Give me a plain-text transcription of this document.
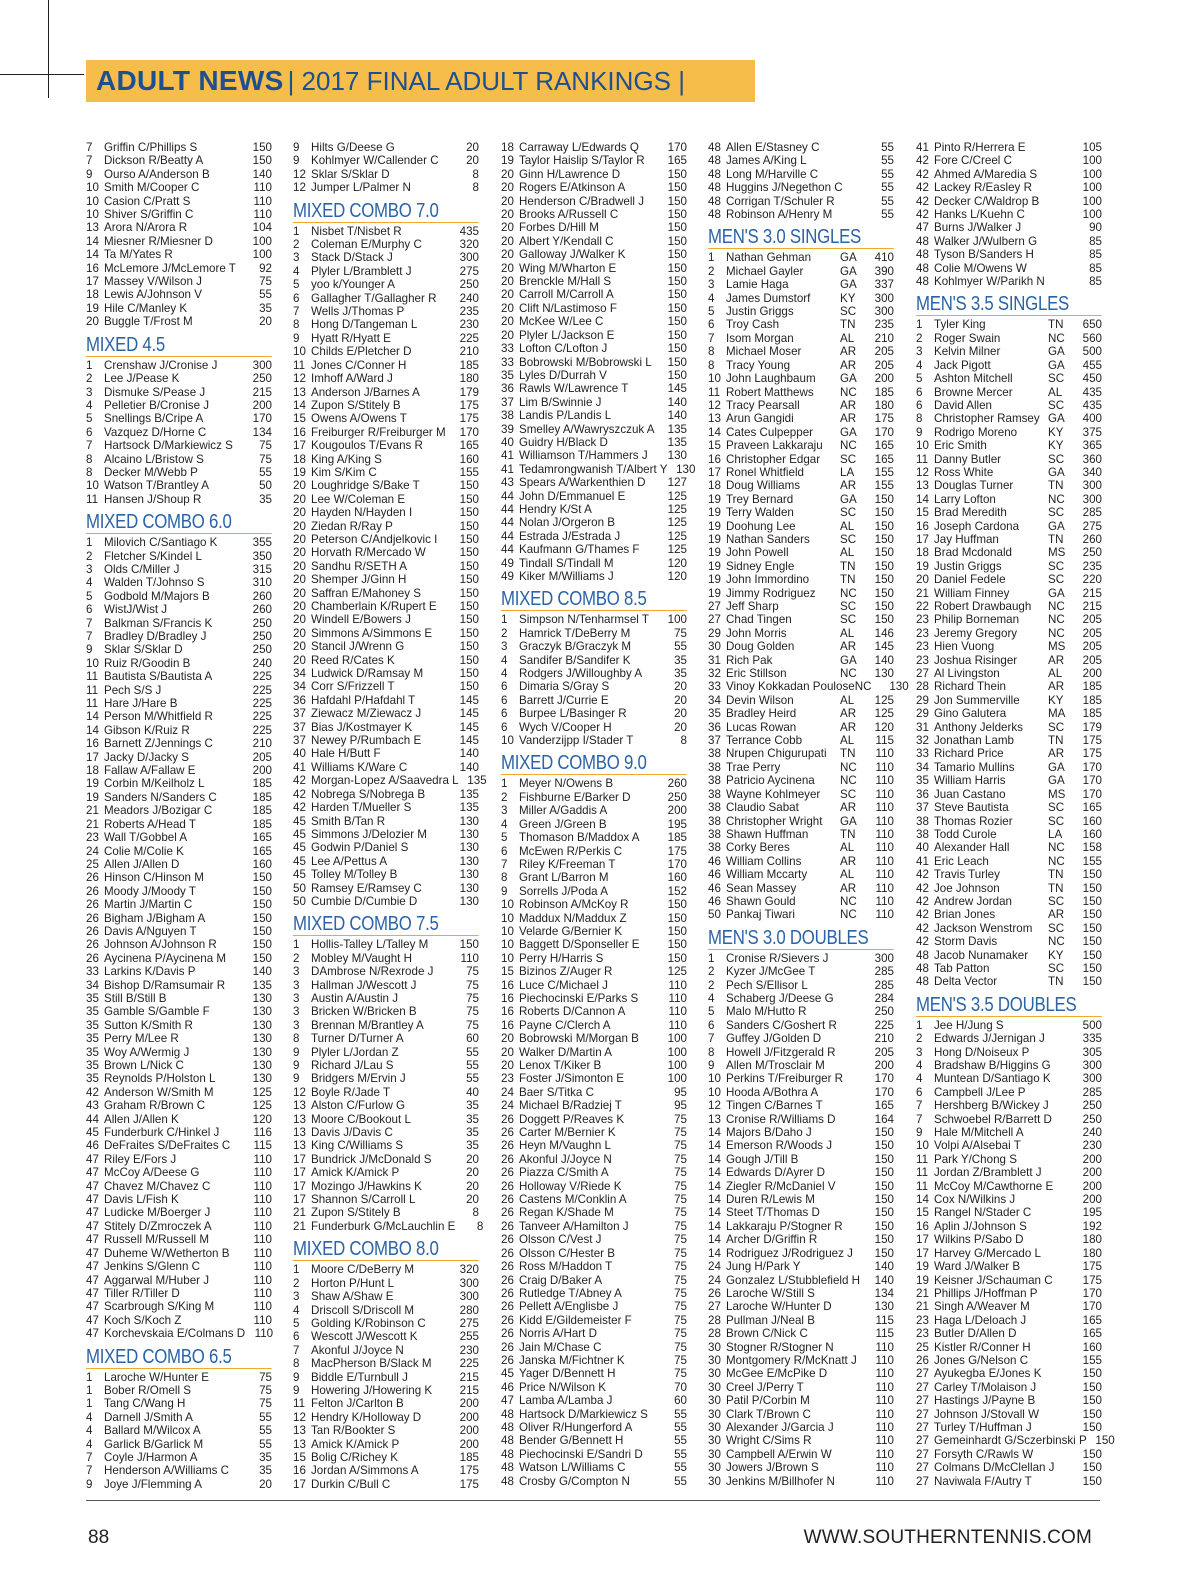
ADULT NEWS | 2017 FINAL ADULT RANKINGS |
7 Griffin C/Phillips S	150
7 Dickson R/Beatty A	150
9 Ourso A/Anderson B	140
10 Smith M/Cooper C	110
10 Casion C/Pratt S	110
10 Shiver S/Griffin C	110
13 Arora N/Arora R	104
14 Miesner R/Miesner D	100
14 Ta M/Yates R	100
16 McLemore J/McLemore T	92
17 Massey V/Wilson J	75
18 Lewis A/Johnson V	55
19 Hile C/Manley K	35
20 Buggle T/Frost M	20
MIXED 4.5
1 Crenshaw J/Cronise J	300
2 Lee J/Pease K	250
3 Dismuke S/Pease J	215
4 Pelletier B/Cronise J	200
5 Snellings B/Cripe A	170
6 Vazquez D/Horne C	134
7 Hartsock D/Markiewicz S	75
8 Alcaino L/Bristow S	75
8 Decker M/Webb P	55
10 Watson T/Brantley A	50
11 Hansen J/Shoup R	35
MIXED COMBO 6.0
1 Milovich C/Santiago K	355
2 Fletcher S/Kindel L	350
3 Olds C/Miller J	315
4 Walden T/Johnso S	310
5 Godbold M/Majors B	260
6 WistJ/Wist J	260
7 Balkman S/Francis K	250
7 Bradley D/Bradley J	250
9 Sklar S/Sklar D	250
10 Ruiz R/Goodin B	240
11 Bautista S/Bautista A	225
11 Pech S/S J	225
11 Hare J/Hare B	225
14 Person M/Whitfield R	225
14 Gibson K/Ruiz R	225
16 Barnett Z/Jennings C	210
17 Jacky D/Jacky S	205
18 Fallaw A/Fallaw E	200
19 Corbin M/Keilholz L	185
19 Sanders N/Sanders C	185
21 Meadors J/Bozigar C	185
21 Roberts A/Head T	185
23 Wall T/Gobbel A	165
24 Colie M/Colie K	165
25 Allen J/Allen D	160
26 Hinson C/Hinson M	150
26 Moody J/Moody T	150
26 Martin J/Martin C	150
26 Bigham J/Bigham A	150
26 Davis A/Nguyen T	150
26 Johnson A/Johnson R	150
26 Aycinena P/Aycinena M	150
33 Larkins K/Davis P	140
34 Bishop D/Ramsumair R	135
35 Still B/Still B	130
35 Gamble S/Gamble F	130
35 Sutton K/Smith R	130
35 Perry M/Lee R	130
35 Woy A/Wermig J	130
35 Brown L/Nick C	130
35 Reynolds P/Holston L	130
42 Anderson W/Smith M	125
43 Graham R/Brown C	125
44 Allen J/Allen K	120
45 Funderburk C/Hinkel J	116
46 DeFraites S/DeFraites C	115
47 Riley E/Fors J	110
47 McCoy A/Deese G	110
47 Chavez M/Chavez C	110
47 Davis L/Fish K	110
47 Ludicke M/Boerger J	110
47 Stitely D/Zmroczek A	110
47 Russell M/Russell M	110
47 Duheme W/Wetherton B	110
47 Jenkins S/Glenn C	110
47 Aggarwal M/Huber J	110
47 Tiller R/Tiller D	110
47 Scarbrough S/King M	110
47 Koch S/Koch Z	110
47 Korchevskaia E/Colmans D 110
MIXED COMBO 6.5
1 Laroche W/Hunter E	75
1 Bober R/Omell S	75
1 Tang C/Wang H	75
4 Darnell J/Smith A	55
4 Ballard M/Wilcox A	55
4 Garlick B/Garlick M	55
7 Coyle J/Harmon A	35
7 Henderson A/Williams C	35
9 Joye J/Flemming A	20
9 Hilts G/Deese G	20
9 Kohlmyer W/Callender C	20
12 Sklar S/Sklar D	8
12 Jumper L/Palmer N	8
MIXED COMBO 7.0
1 Nisbet T/Nisbet R	435
2 Coleman E/Murphy C	320
3 Stack D/Stack J	300
4 Plyler L/Bramblett J	275
5 yoo k/Younger A	250
6 Gallagher T/Gallagher R	240
7 Wells J/Thomas P	235
8 Hong D/Tangeman L	230
9 Hyatt R/Hyatt E	225
10 Childs E/Pletcher D	210
11 Jones C/Conner H	185
12 Imhoff A/Ward J	180
13 Anderson J/Barnes A	179
14 Zupon S/Stitely B	175
15 Owens A/Owens T	175
16 Freiburger R/Freiburger M	170
17 Kougoulos T/Evans R	165
18 King A/King S	160
19 Kim S/Kim C	155
20 Loughridge S/Bake T	150
20 Lee W/Coleman E	150
20 Hayden N/Hayden I	150
20 Ziedan R/Ray P	150
20 Peterson C/Andjelkovic I	150
20 Horvath R/Mercado W	150
20 Sandhu R/SETH A	150
20 Shemper J/Ginn H	150
20 Saffran E/Mahoney S	150
20 Chamberlain K/Rupert E	150
20 Windell E/Bowers J	150
20 Simmons A/Simmons E	150
20 Stancil J/Wrenn G	150
20 Reed R/Cates K	150
34 Ludwick D/Ramsay M	150
34 Corr S/Frizzell T	150
36 Hafdahl P/Hafdahl T	145
37 Ziewacz M/Ziewacz J	145
37 Bias J/Kostmayer K	145
37 Newey P/Rumbach E	145
40 Hale H/Butt F	140
41 Williams K/Ware C	140
42 Morgan-Lopez A/Saavedra L 135
42 Nobrega S/Nobrega B	135
42 Harden T/Mueller S	135
45 Smith B/Tan R	130
45 Simmons J/Delozier M	130
45 Godwin P/Daniel S	130
45 Lee A/Pettus A	130
45 Tolley M/Tolley B	130
50 Ramsey E/Ramsey C	130
50 Cumbie D/Cumbie D	130
MIXED COMBO 7.5
1 Hollis-Talley L/Talley M	150
2 Mobley M/Vaught H	110
3 DAmbrose N/Rexrode J	75
3 Hallman J/Wescott J	75
3 Austin A/Austin J	75
3 Bricken W/Bricken B	75
3 Brennan M/Brantley A	75
8 Turner D/Turner A	60
9 Plyler L/Jordan Z	55
9 Richard J/Lau S	55
9 Bridgers M/Ervin J	55
12 Boyle R/Jade T	40
13 Alston C/Furlow G	35
13 Moore C/Bookout L	35
13 Davis J/Davis C	35
13 King C/Williams S	35
17 Bundrick J/McDonald S	20
17 Amick K/Amick P	20
17 Mozingo J/Hawkins K	20
17 Shannon S/Carroll L	20
21 Zupon S/Stitely B	8
21 Funderburk G/McLauchlin E	8
MIXED COMBO 8.0
1 Moore C/DeBerry M	320
2 Horton P/Hunt L	300
3 Shaw A/Shaw E	300
4 Driscoll S/Driscoll M	280
5 Golding K/Robinson C	275
6 Wescott J/Wescott K	255
7 Akonful J/Joyce N	230
8 MacPherson B/Slack M	225
9 Biddle E/Turnbull J	215
9 Howering J/Howering K	215
11 Felton J/Carlton B	200
12 Hendry K/Holloway D	200
13 Tan R/Bookter S	200
13 Amick K/Amick P	200
15 Bolig C/Richey K	185
16 Jordan A/Simmons A	175
17 Durkin C/Bull C	175
18 Carraway L/Edwards Q	170
19 Taylor Haislip S/Taylor R	165
20 Ginn H/Lawrence D	150
20 Rogers E/Atkinson A	150
20 Henderson C/Bradwell J	150
20 Brooks A/Russell C	150
20 Forbes D/Hill M	150
20 Albert Y/Kendall C	150
20 Galloway J/Walker K	150
20 Wing M/Wharton E	150
20 Brenckle M/Hall S	150
20 Carroll M/Carroll A	150
20 Clift N/Lastimoso F	150
20 McKee W/Lee C	150
20 Plyler L/Jackson E	150
33 Lofton C/Lofton J	150
33 Bobrowski M/Bobrowski L	150
35 Lyles D/Durrah V	150
36 Rawls W/Lawrence T	145
37 Lim B/Swinnie J	140
38 Landis P/Landis L	140
39 Smelley A/Wawryszczuk A	135
40 Guidry H/Black D	135
41 Williamson T/Hammers J	130
41 Tedamrongwanish T/Albert Y 130
43 Spears A/Warkenthien D	127
44 John D/Emmanuel E	125
44 Hendry K/St A	125
44 Nolan J/Orgeron B	125
44 Estrada J/Estrada J	125
44 Kaufmann G/Thames F	125
49 Tindall S/Tindall M	120
49 Kiker M/Williams J	120
MIXED COMBO 8.5
1 Simpson N/Tenharmsel T	100
2 Hamrick T/DeBerry M	75
3 Graczyk B/Graczyk M	55
4 Sandifer B/Sandifer K	35
4 Rodgers J/Willoughby A	35
6 Dimaria S/Gray S	20
6 Barrett J/Currie E	20
6 Burpee L/Basinger R	20
6 Wych V/Cooper H	20
10 Vanderzijpp I/Stader T	8
MIXED COMBO 9.0
1 Meyer N/Owens B	260
2 Fishburne E/Barker D	250
3 Miller A/Gaddis A	200
4 Green J/Green B	195
5 Thomason B/Maddox A	185
6 McEwen R/Perkis C	175
7 Riley K/Freeman T	170
8 Grant L/Barron M	160
9 Sorrells J/Poda A	152
10 Robinson A/McKoy R	150
10 Maddux N/Maddux Z	150
10 Velarde G/Bernier K	150
10 Baggett D/Sponseller E	150
10 Perry H/Harris S	150
15 Bizinos Z/Auger R	125
16 Luce C/Michael J	110
16 Piechocinski E/Parks S	110
16 Roberts D/Cannon A	110
16 Payne C/Clerch A	110
20 Bobrowski M/Morgan B	100
20 Walker D/Martin A	100
20 Lenox T/Kiker B	100
23 Foster J/Simonton E	100
24 Baer S/Titka C	95
24 Michael B/Radziej T	95
26 Doggett P/Reaves K	75
26 Carter M/Bernier K	75
26 Heyn M/Vaughn L	75
26 Akonful J/Joyce N	75
26 Piazza C/Smith A	75
26 Holloway V/Riede K	75
26 Castens M/Conklin A	75
26 Regan K/Shade M	75
26 Tanveer A/Hamilton J	75
26 Olsson C/Vest J	75
26 Olsson C/Hester B	75
26 Ross M/Haddon T	75
26 Craig D/Baker A	75
26 Rutledge T/Abney A	75
26 Pellett A/Englisbe J	75
26 Kidd E/Gildemeister F	75
26 Norris A/Hart D	75
26 Jain M/Chase C	75
26 Janska M/Fichtner K	75
45 Yager D/Bennett H	75
46 Price N/Wilson K	70
47 Lamba A/Lamba J	60
48 Hartsock D/Markiewicz S	55
48 Oliver R/Hungerford A	55
48 Bender G/Bennett H	55
48 Piechocinski E/Sandri D	55
48 Watson L/Williams C	55
48 Crosby G/Compton N	55
48 Allen E/Stasney C	55
48 James A/King L	55
48 Long M/Harville C	55
48 Huggins J/Negethon C	55
48 Corrigan T/Schuler R	55
48 Robinson A/Henry M	55
MEN'S 3.0 SINGLES
1 Nathan Gehman	GA	410
2 Michael Gayler	GA	390
3 Lamie Haga	GA	337
4 James Dumstorf	KY	300
5 Justin Griggs	SC	300
6 Troy Cash	TN	235
7 Isom Morgan	AL	210
8 Michael Moser	AR	205
8 Tracy Young	AR	205
10 John Laughbaum	GA	200
11 Robert Matthews	NC	185
12 Tracy Pearsall	AR	180
13 Arun Gangidi	AR	175
14 Cates Culpepper	GA	170
15 Praveen Lakkaraju	NC	165
16 Christopher Edgar	SC	165
17 Ronel Whitfield	LA	155
18 Doug Williams	AR	155
19 Trey Bernard	GA	150
19 Terry Walden	SC	150
19 Doohung Lee	AL	150
19 Nathan Sanders	SC	150
19 John Powell	AL	150
19 Sidney Engle	TN	150
19 John Immordino	TN	150
19 Jimmy Rodriguez	NC	150
27 Jeff Sharp	SC	150
27 Chad Tingen	SC	150
29 John Morris	AL	146
30 Doug Golden	AR	145
31 Rich Pak	GA	140
32 Eric Stillson	NC	130
33 Vinoy Kokkadan Poulose NC	130
34 Devin Wilson	AL	125
35 Bradley Heird	AR	125
36 Lucas Rowan	AR	120
37 Terrance Cobb	AL	115
38 Nrupen Chigurupati	TN	110
38 Trae Perry	NC	110
38 Patricio Aycinena	NC	110
38 Wayne Kohlmeyer	SC	110
38 Claudio Sabat	AR	110
38 Christopher Wright	GA	110
38 Shawn Huffman	TN	110
38 Corky Beres	AL	110
46 William Collins	AR	110
46 William Mccarty	AL	110
46 Sean Massey	AR	110
46 Shawn Gould	NC	110
50 Pankaj Tiwari	NC	110
MEN'S 3.0 DOUBLES
1 Cronise R/Sievers J	300
2 Kyzer J/McGee T	285
2 Pech S/Ellisor L	285
4 Schaberg J/Deese G	284
5 Malo M/Hutto R	250
6 Sanders C/Goshert R	225
7 Guffey J/Golden D	210
8 Howell J/Fitzgerald R	205
9 Allen M/Trosclair M	200
10 Perkins T/Freiburger R	170
10 Hooda A/Bothra A	170
12 Tingen C/Barnes T	165
13 Cronise R/Williams D	164
14 Majors B/Daho J	150
14 Emerson R/Woods J	150
14 Gough J/Till B	150
14 Edwards D/Ayrer D	150
14 Ziegler R/McDaniel V	150
14 Duren R/Lewis M	150
14 Steet T/Thomas D	150
14 Lakkaraju P/Stogner R	150
14 Archer D/Griffin R	150
14 Rodriguez J/Rodriguez J	150
24 Jung H/Park Y	140
24 Gonzalez L/Stubblefield H	140
26 Laroche W/Still S	134
27 Laroche W/Hunter D	130
28 Pullman J/Neal B	115
28 Brown C/Nick C	115
30 Stogner R/Stogner N	110
30 Montgomery R/McKnatt J	110
30 McGee E/McPike D	110
30 Creel J/Perry T	110
30 Patil P/Corbin M	110
30 Clark T/Brown C	110
30 Alexander J/Garcia J	110
30 Wright C/Sims R	110
30 Campbell A/Erwin W	110
30 Jowers J/Brown S	110
30 Jenkins M/Billhofer N	110
41 Pinto R/Herrera E	105
42 Fore C/Creel C	100
42 Ahmed A/Maredia S	100
42 Lackey R/Easley R	100
42 Decker C/Waldrop B	100
42 Hanks L/Kuehn C	100
47 Burns J/Walker J	90
48 Walker J/Wulbern G	85
48 Tyson B/Sanders H	85
48 Colie M/Owens W	85
48 Kohlmyer W/Parikh N	85
MEN'S 3.5 SINGLES
1 Tyler King	TN	650
2 Roger Swain	NC	560
3 Kelvin Milner	GA	500
4 Jack Pigott	GA	455
5 Ashton Mitchell	SC	450
6 Browne Mercer	AL	435
6 David Allen	SC	435
8 Christopher Ramsey GA	400
9 Rodrigo Moreno	KY	375
10 Eric Smith	KY	365
11 Danny Butler	SC	360
12 Ross White	GA	340
13 Douglas Turner	TN	300
14 Larry Lofton	NC	300
15 Brad Meredith	SC	285
16 Joseph Cardona	GA	275
17 Jay Huffman	TN	260
18 Brad Mcdonald	MS	250
19 Justin Griggs	SC	235
20 Daniel Fedele	SC	220
21 William Finney	GA	215
22 Robert Drawbaugh	NC	215
23 Philip Borneman	NC	205
23 Jeremy Gregory	NC	205
23 Hien Vuong	MS	205
23 Joshua Risinger	AR	205
27 Al Livingston	AL	200
28 Richard Thein	AR	185
29 Jon Summerville	KY	185
29 Gino Galutera	MA	185
31 Anthony Jelderks	SC	179
32 Jonathan Lamb	TN	175
33 Richard Price	AR	175
34 Tamario Mullins	GA	170
35 William Harris	GA	170
36 Juan Castano	MS	170
37 Steve Bautista	SC	165
38 Thomas Rozier	SC	160
38 Todd Curole	LA	160
40 Alexander Hall	NC	158
41 Eric Leach	NC	155
42 Travis Turley	TN	150
42 Joe Johnson	TN	150
42 Andrew Jordan	SC	150
42 Brian Jones	AR	150
42 Jackson Wenstrom	SC	150
42 Storm Davis	NC	150
48 Jacob Nunamaker	KY	150
48 Tab Patton	SC	150
48 Delta Vector	TN	150
MEN'S 3.5 DOUBLES
1 Jee H/Jung S	500
2 Edwards J/Jernigan J	335
3 Hong D/Noiseux P	305
4 Bradshaw B/Higgins G	300
4 Muntean D/Santiago K	300
6 Campbell J/Lee P	285
7 Hershberg B/Wickey J	250
7 Schwoebel R/Barrett D	250
9 Hale M/Mitchell A	240
10 Volpi A/Alsebai T	230
11 Park Y/Chong S	200
11 Jordan Z/Bramblett J	200
11 McCoy M/Cawthorne E	200
14 Cox N/Wilkins J	200
15 Rangel N/Stader C	195
16 Aplin J/Johnson S	192
17 Wilkins P/Sabo D	180
17 Harvey G/Mercado L	180
19 Ward J/Walker B	175
19 Keisner J/Schauman C	175
21 Phillips J/Hoffman P	170
21 Singh A/Weaver M	170
23 Haga L/Deloach J	165
23 Butler D/Allen D	165
25 Kistler R/Conner H	160
26 Jones G/Nelson C	155
27 Ayukegba E/Jones K	150
27 Carley T/Molaison J	150
27 Hastings J/Payne B	150
27 Johnson J/Stovall W	150
27 Turley T/Huffman J	150
27 Gemeinhardt G/Sczerbinski P 150
27 Forsyth C/Rawls W	150
27 Colmans D/McClellan J	150
27 Naviwala F/Autry T	150
88	WWW.SOUTHERNTENNIS.COM
